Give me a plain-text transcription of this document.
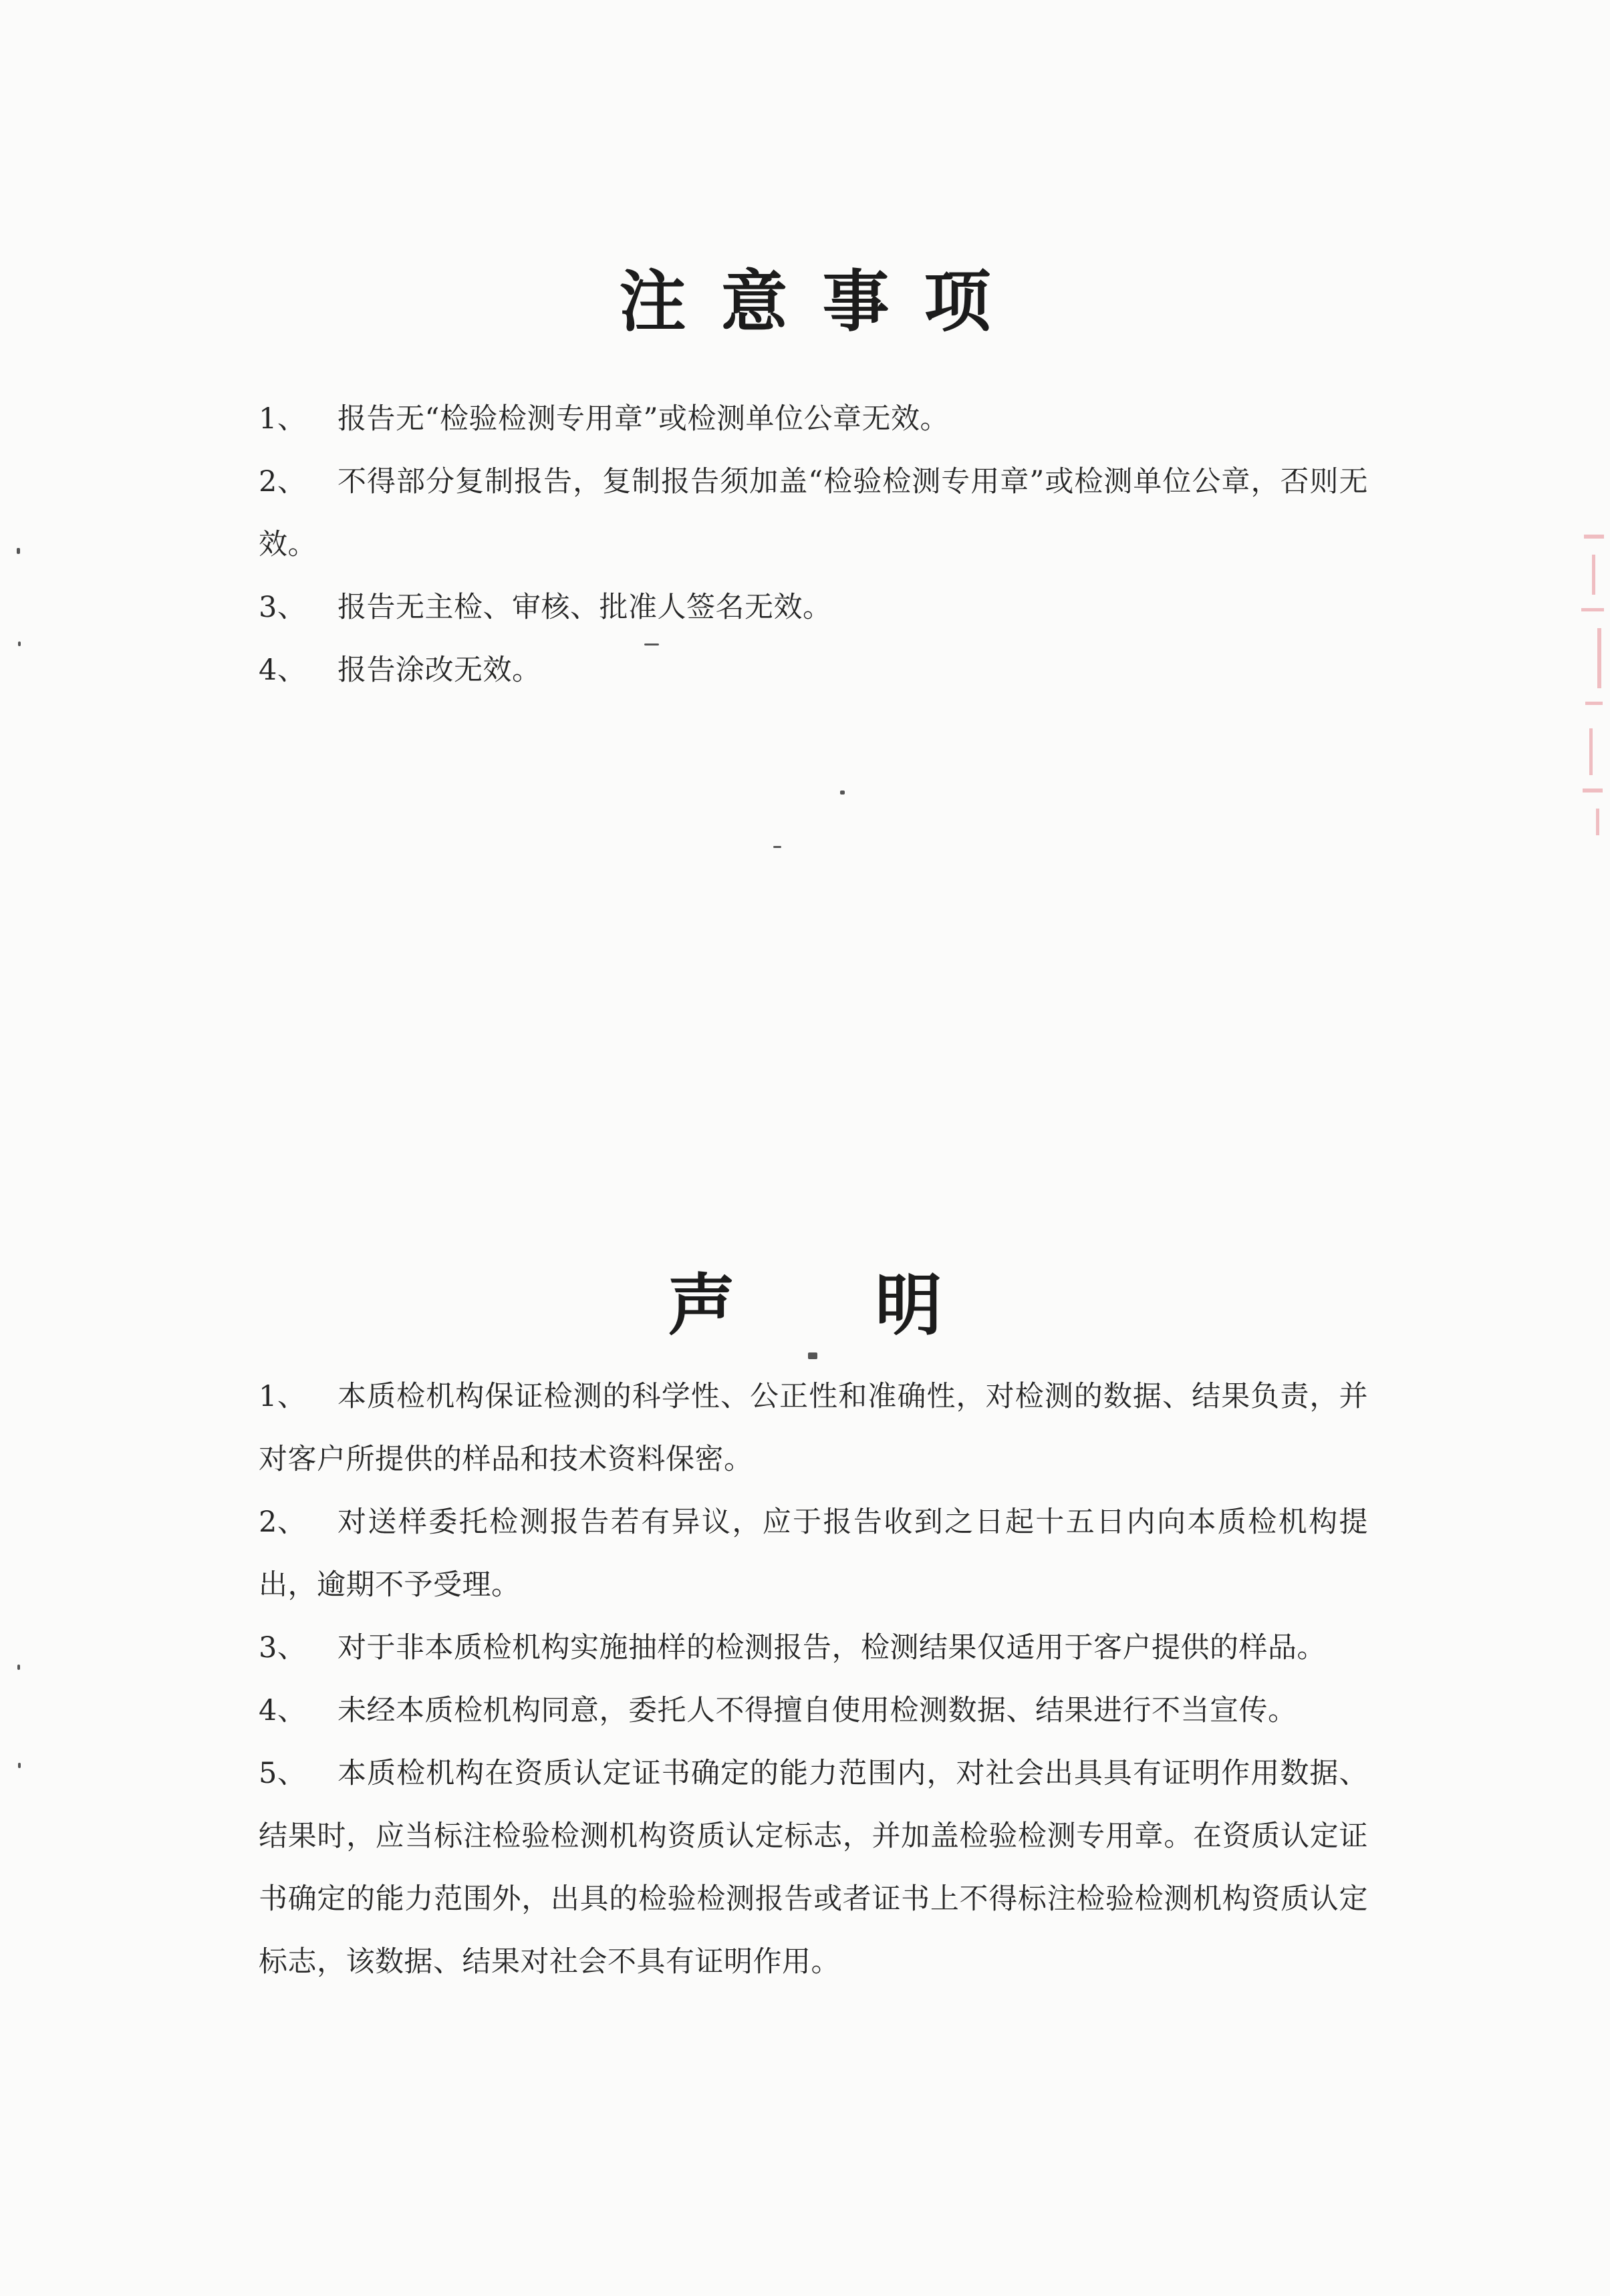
注意事项
1、	报告无“检验检测专用章”或检测单位公章无效。
2、	不得部分复制报告，复制报告须加盖“检验检测专用章”或检测单位公章，否则无效。
3、	报告无主检、审核、批准人签名无效。
4、	报告涂改无效。
声明
1、	本质检机构保证检测的科学性、公正性和准确性，对检测的数据、结果负责，并对客户所提供的样品和技术资料保密。
2、	对送样委托检测报告若有异议，应于报告收到之日起十五日内向本质检机构提出，逾期不予受理。
3、	对于非本质检机构实施抽样的检测报告，检测结果仅适用于客户提供的样品。
4、	未经本质检机构同意，委托人不得擅自使用检测数据、结果进行不当宣传。
5、	本质检机构在资质认定证书确定的能力范围内，对社会出具具有证明作用数据、结果时，应当标注检验检测机构资质认定标志，并加盖检验检测专用章。在资质认定证书确定的能力范围外，出具的检验检测报告或者证书上不得标注检验检测机构资质认定标志，该数据、结果对社会不具有证明作用。
